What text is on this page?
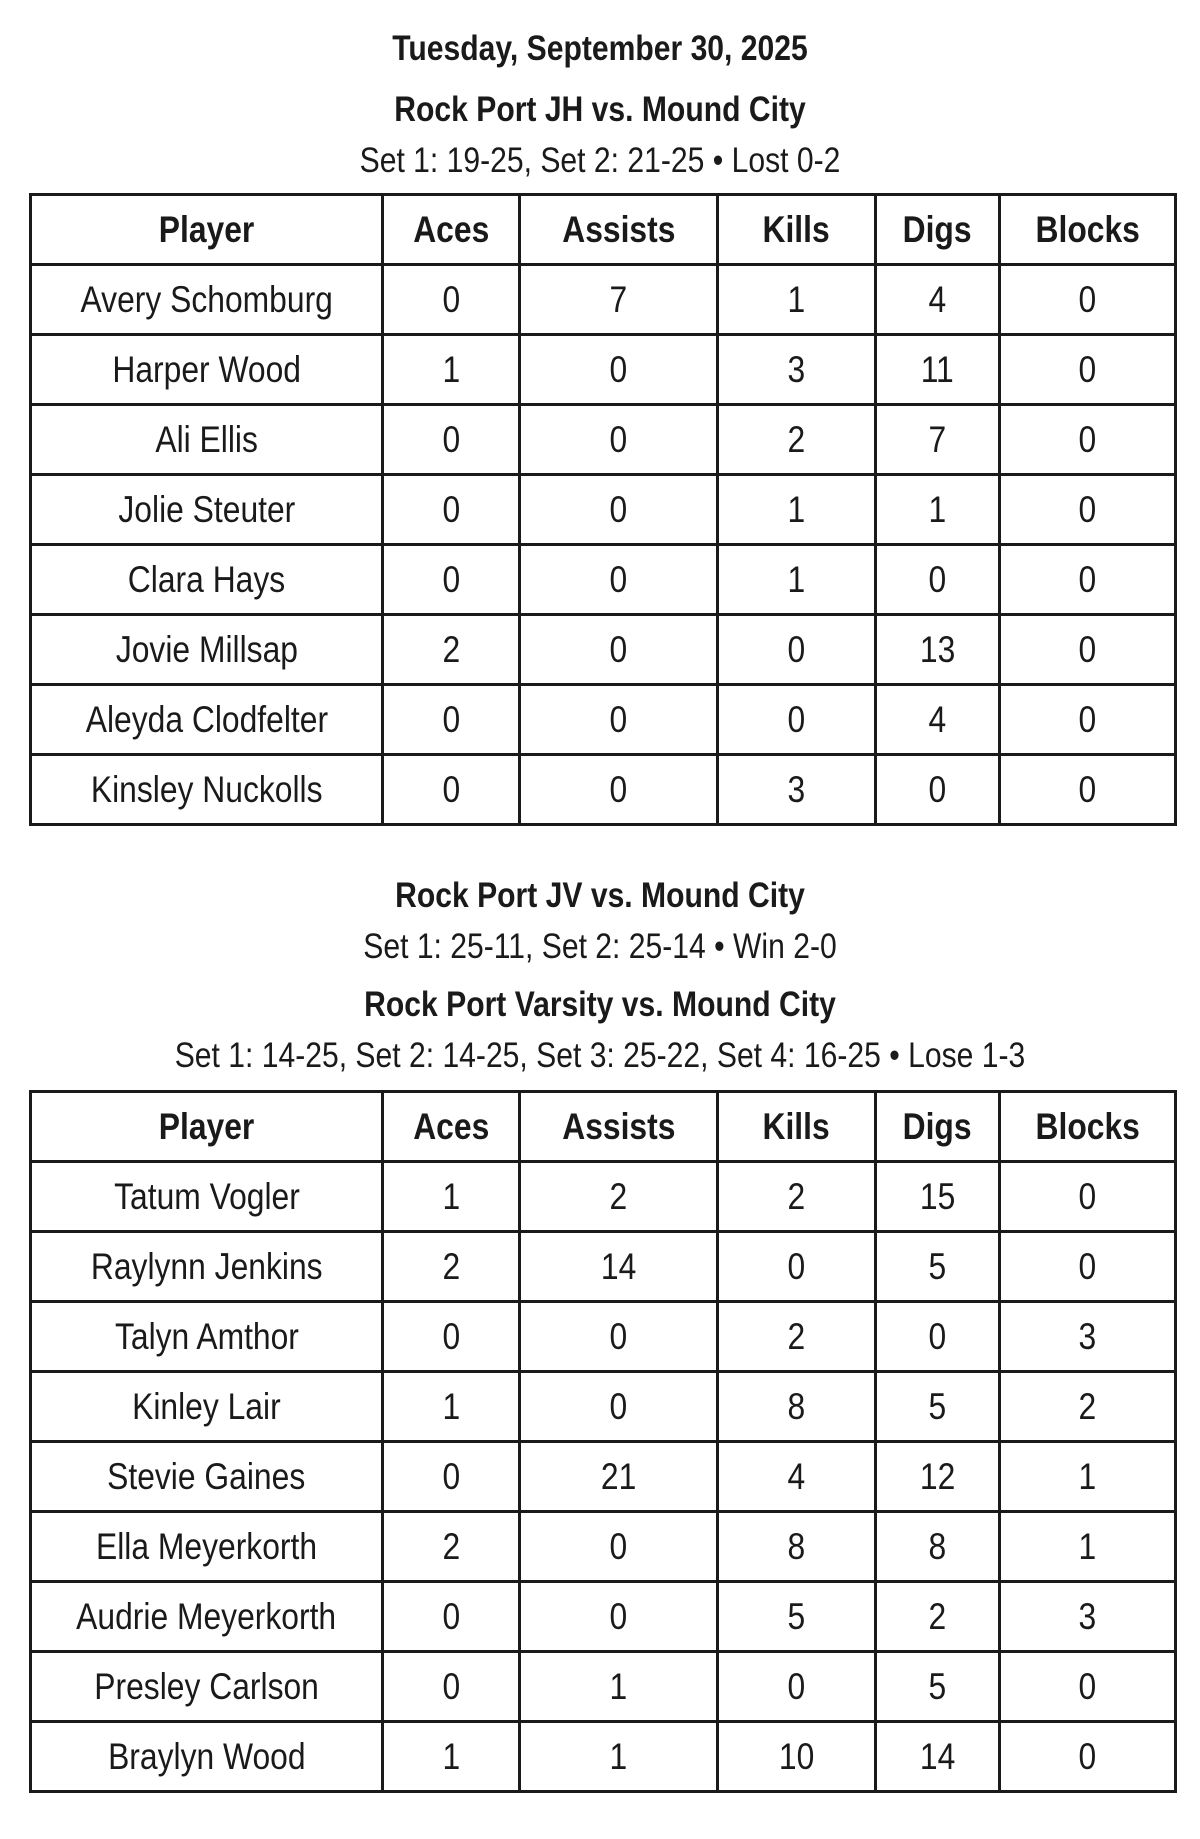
Tuesday, September 30, 2025
Rock Port JH vs. Mound City
Set 1: 19-25, Set 2: 21-25 • Lost 0-2
Player	Aces	Assists	Kills	Digs	Blocks
Avery Schomburg	0	7	1	4	0
Harper Wood	1	0	3	11	0
Ali Ellis	0	0	2	7	0
Jolie Steuter	0	0	1	1	0
Clara Hays	0	0	1	0	0
Jovie Millsap	2	0	0	13	0
Aleyda Clodfelter	0	0	0	4	0
Kinsley Nuckolls	0	0	3	0	0
Rock Port JV vs. Mound City
Set 1: 25-11, Set 2: 25-14 • Win 2-0
Rock Port Varsity vs. Mound City
Set 1: 14-25, Set 2: 14-25, Set 3: 25-22, Set 4: 16-25 • Lose 1-3
Player	Aces	Assists	Kills	Digs	Blocks
Tatum Vogler	1	2	2	15	0
Raylynn Jenkins	2	14	0	5	0
Talyn Amthor	0	0	2	0	3
Kinley Lair	1	0	8	5	2
Stevie Gaines	0	21	4	12	1
Ella Meyerkorth	2	0	8	8	1
Audrie Meyerkorth	0	0	5	2	3
Presley Carlson	0	1	0	5	0
Braylyn Wood	1	1	10	14	0
